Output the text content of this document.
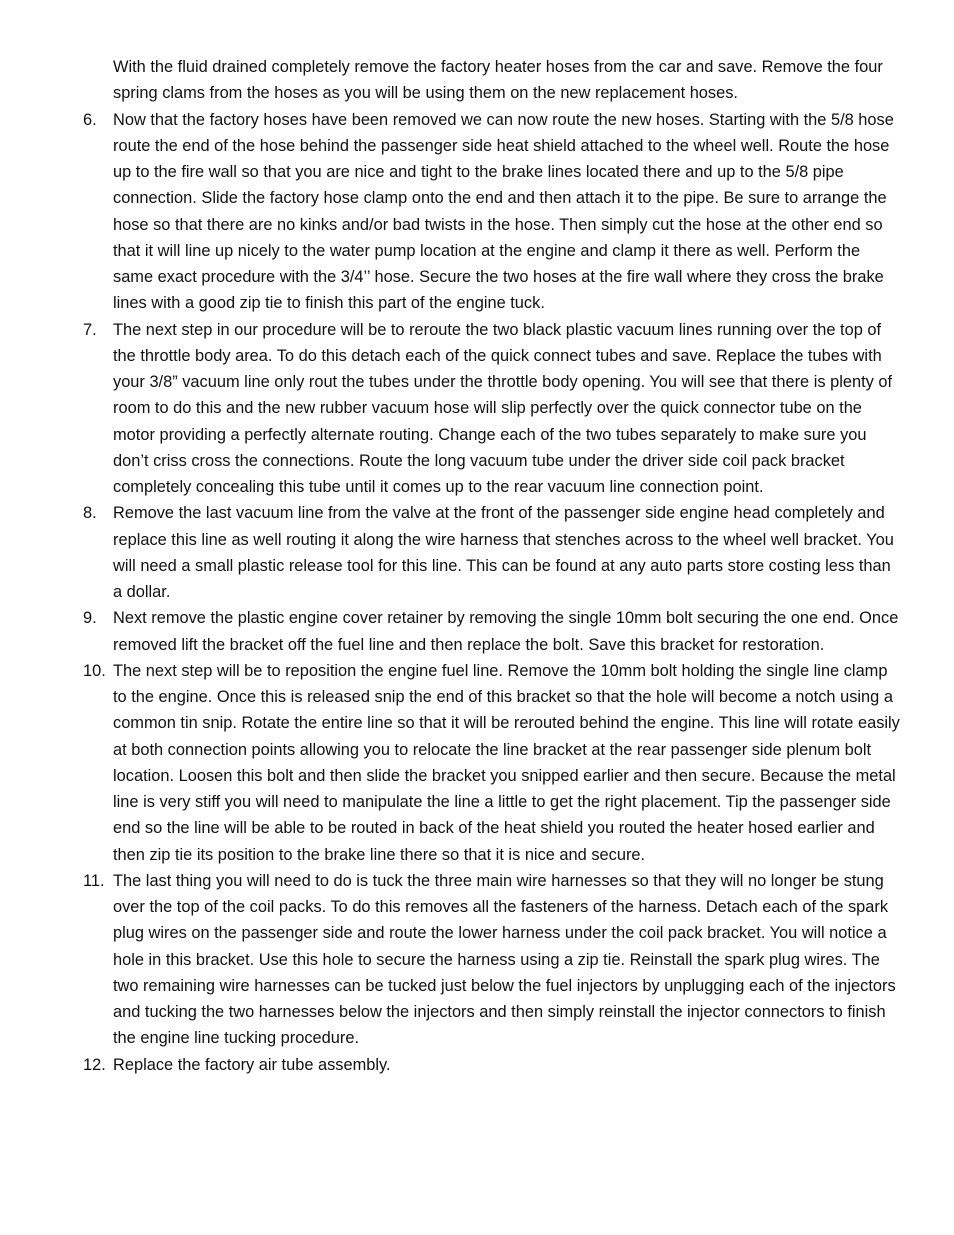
With the fluid drained completely remove the factory heater hoses from the car and save. Remove the four spring clams from the hoses as you will be using them on the new replacement hoses.

6. Now that the factory hoses have been removed we can now route the new hoses. Starting with the 5/8 hose route the end of the hose behind the passenger side heat shield attached to the wheel well. Route the hose up to the fire wall so that you are nice and tight to the brake lines located there and up to the 5/8 pipe connection. Slide the factory hose clamp onto the end and then attach it to the pipe. Be sure to arrange the hose so that there are no kinks and/or bad twists in the hose. Then simply cut the hose at the other end so that it will line up nicely to the water pump location at the engine and clamp it there as well. Perform the same exact procedure with the 3/4’’ hose. Secure the two hoses at the fire wall where they cross the brake lines with a good zip tie to finish this part of the engine tuck.
7. The next step in our procedure will be to reroute the two black plastic vacuum lines running over the top of the throttle body area. To do this detach each of the quick connect tubes and save. Replace the tubes with your 3/8” vacuum line only rout the tubes under the throttle body opening. You will see that there is plenty of room to do this and the new rubber vacuum hose will slip perfectly over the quick connector tube on the motor providing a perfectly alternate routing. Change each of the two tubes separately to make sure you don’t criss cross the connections. Route the long vacuum tube under the driver side coil pack bracket completely concealing this tube until it comes up to the rear vacuum line connection point.
8. Remove the last vacuum line from the valve at the front of the passenger side engine head completely and replace this line as well routing it along the wire harness that stenches across to the wheel well bracket. You will need a small plastic release tool for this line. This can be found at any auto parts store costing less than a dollar.
9. Next remove the plastic engine cover retainer by removing the single 10mm bolt securing the one end. Once removed lift the bracket off the fuel line and then replace the bolt. Save this bracket for restoration.
10. The next step will be to reposition the engine fuel line. Remove the 10mm bolt holding the single line clamp to the engine. Once this is released snip the end of this bracket so that the hole will become a notch using a common tin snip. Rotate the entire line so that it will be rerouted behind the engine. This line will rotate easily at both connection points allowing you to relocate the line bracket at the rear passenger side plenum bolt location. Loosen this bolt and then slide the bracket you snipped earlier and then secure. Because the metal line is very stiff you will need to manipulate the line a little to get the right placement. Tip the passenger side end so the line will be able to be routed in back of the heat shield you routed the heater hosed earlier and then zip tie its position to the brake line there so that it is nice and secure.
11. The last thing you will need to do is tuck the three main wire harnesses so that they will no longer be stung over the top of the coil packs. To do this removes all the fasteners of the harness. Detach each of the spark plug wires on the passenger side and route the lower harness under the coil pack bracket. You will notice a hole in this bracket. Use this hole to secure the harness using a zip tie. Reinstall the spark plug wires. The two remaining wire harnesses can be tucked just below the fuel injectors by unplugging each of the injectors and tucking the two harnesses below the injectors and then simply reinstall the injector connectors to finish the engine line tucking procedure.
12. Replace the factory air tube assembly.
